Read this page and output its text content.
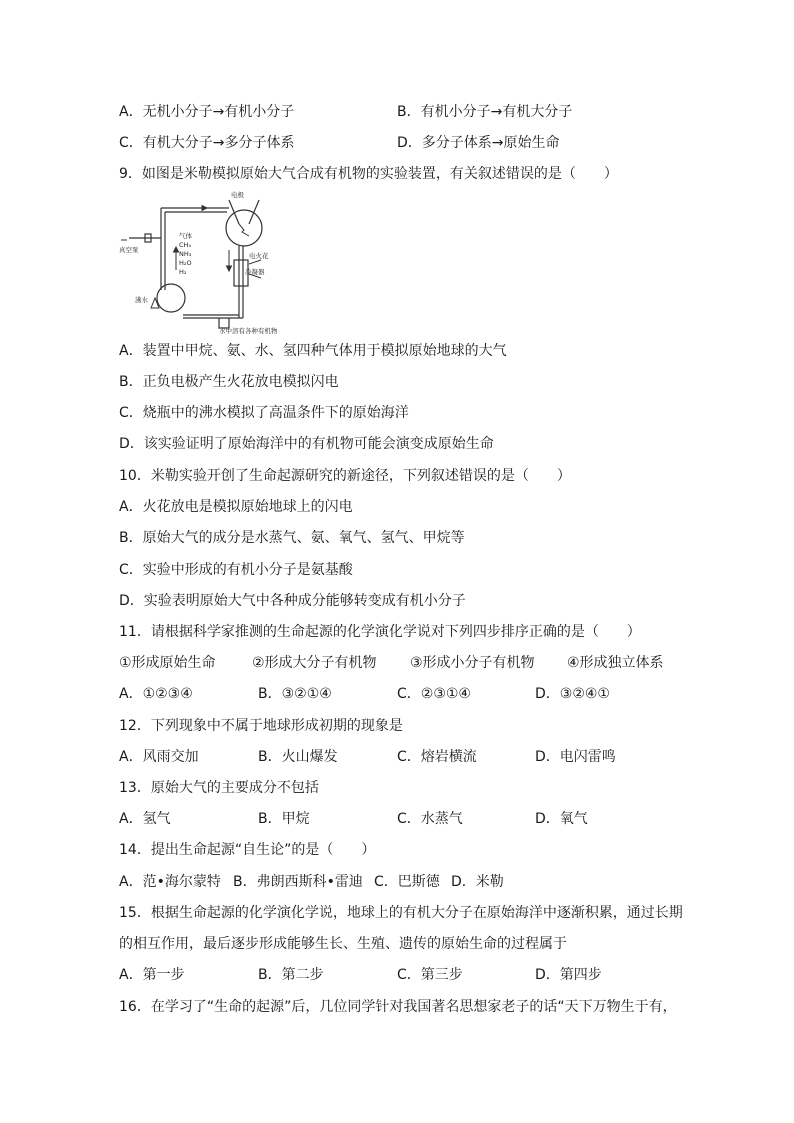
A．无机小分子→有机小分子	B．有机小分子→有机大分子
C．有机大分子→多分子体系	D．多分子体系→原始生命
9．如图是米勒模拟原始大气合成有机物的实验装置，有关叙述错误的是（　　）
电极
气体
CH₄
NH₃
H₂O
H₂
电火花
真空泵
冷凝器
沸水
水中溶有各种有机物
A．装置中甲烷、氨、水、氢四种气体用于模拟原始地球的大气
B．正负电极产生火花放电模拟闪电
C．烧瓶中的沸水模拟了高温条件下的原始海洋
D．该实验证明了原始海洋中的有机物可能会演变成原始生命
10．米勒实验开创了生命起源研究的新途径，下列叙述错误的是（　　）
A．火花放电是模拟原始地球上的闪电
B．原始大气的成分是水蒸气、氨、氧气、氢气、甲烷等
C．实验中形成的有机小分子是氨基酸
D．实验表明原始大气中各种成分能够转变成有机小分子
11．请根据科学家推测的生命起源的化学演化学说对下列四步排序正确的是（　　）
①形成原始生命	②形成大分子有机物 ③形成小分子有机物 ④形成独立体系
A．①②③④	B．③②①④	C．②③①④	D．③②④①
12．下列现象中不属于地球形成初期的现象是
A．风雨交加	B．火山爆发	C．熔岩横流	D．电闪雷鸣
13．原始大气的主要成分不包括
A．氢气	B．甲烷	C．水蒸气	D．氧气
14．提出生命起源“自生论”的是（　　）
A．范•海尔蒙特 B．弗朗西斯科•雷迪 C．巴斯德 D．米勒
15．根据生命起源的化学演化学说，地球上的有机大分子在原始海洋中逐渐积累，通过长期
的相互作用，最后逐步形成能够生长、生殖、遗传的原始生命的过程属于
A．第一步	B．第二步	C．第三步	D．第四步
16．在学习了“生命的起源”后，几位同学针对我国著名思想家老子的话“天下万物生于有，
